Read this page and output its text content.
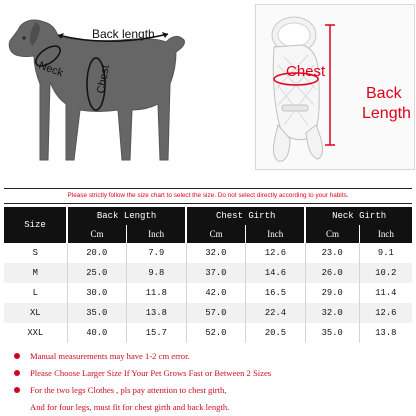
Back length
Neck	Chest	Chest
Back
Length
Please strictly follow the size chart to select the size. Do not select directly according to your habits.
Size	Back Length		Chest Girth		Neck Girth	
	Cm	Inch	Cm	Inch	Cm	Inch
S	20.0	7.9	32.0	12.6	23.0	9.1
M	25.0	9.8	37.0	14.6	26.0	10.2
L	30.0	11.8	42.0	16.5	29.0	11.4
XL	35.0	13.8	57.0	22.4	32.0	12.6
XXL	40.0	15.7	52.0	20.5	35.0	13.8
Manual measurements may have 1-2 cm error.
Please Choose Larger Size If Your Pet Grows Fast or Between 2 Sizes
For the two legs Clothes , pls pay attention to chest girth,
And for four legs, must fit for chest girth and back length.
